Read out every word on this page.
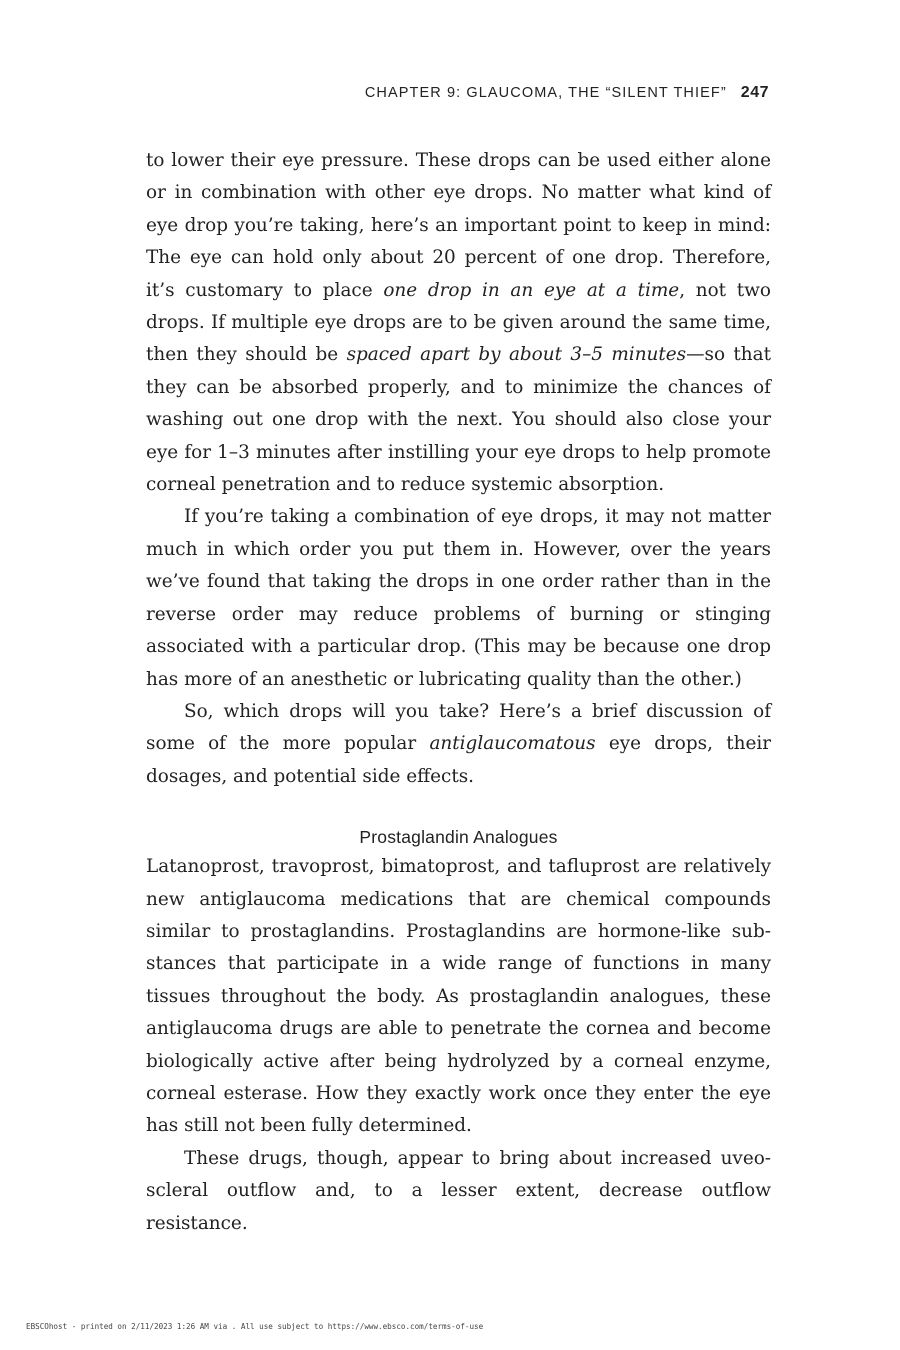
CHAPTER 9: GLAUCOMA, THE “SILENT THIEF” 247

to lower their eye pressure. These drops can be used either alone or in combination with other eye drops. No matter what kind of eye drop you’re taking, here’s an important point to keep in mind: The eye can hold only about 20 percent of one drop. Therefore, it’s customary to place one drop in an eye at a time, not two drops. If multiple eye drops are to be given around the same time, then they should be spaced apart by about 3–5 minutes—so that they can be absorbed properly, and to minimize the chances of washing out one drop with the next. You should also close your eye for 1–3 minutes after instilling your eye drops to help promote corneal penetration and to reduce systemic absorption.

If you’re taking a combination of eye drops, it may not matter much in which order you put them in. However, over the years we’ve found that taking the drops in one order rather than in the reverse order may reduce problems of burning or stinging associated with a particular drop. (This may be because one drop has more of an anesthetic or lubricating quality than the other.)

So, which drops will you take? Here’s a brief discussion of some of the more popular antiglaucomatous eye drops, their dosages, and potential side effects.

Prostaglandin Analogues

Latanoprost, travoprost, bimatoprost, and tafluprost are relatively new antiglaucoma medications that are chemical compounds similar to prostaglandins. Prostaglandins are hormone-like substances that participate in a wide range of functions in many tissues throughout the body. As prostaglandin analogues, these antiglaucoma drugs are able to penetrate the cornea and become biologically active after being hydrolyzed by a corneal enzyme, corneal esterase. How they exactly work once they enter the eye has still not been fully determined.

These drugs, though, appear to bring about increased uveoscleral outflow and, to a lesser extent, decrease outflow resistance.

EBSCOhost - printed on 2/11/2023 1:26 AM via . All use subject to https://www.ebsco.com/terms-of-use
